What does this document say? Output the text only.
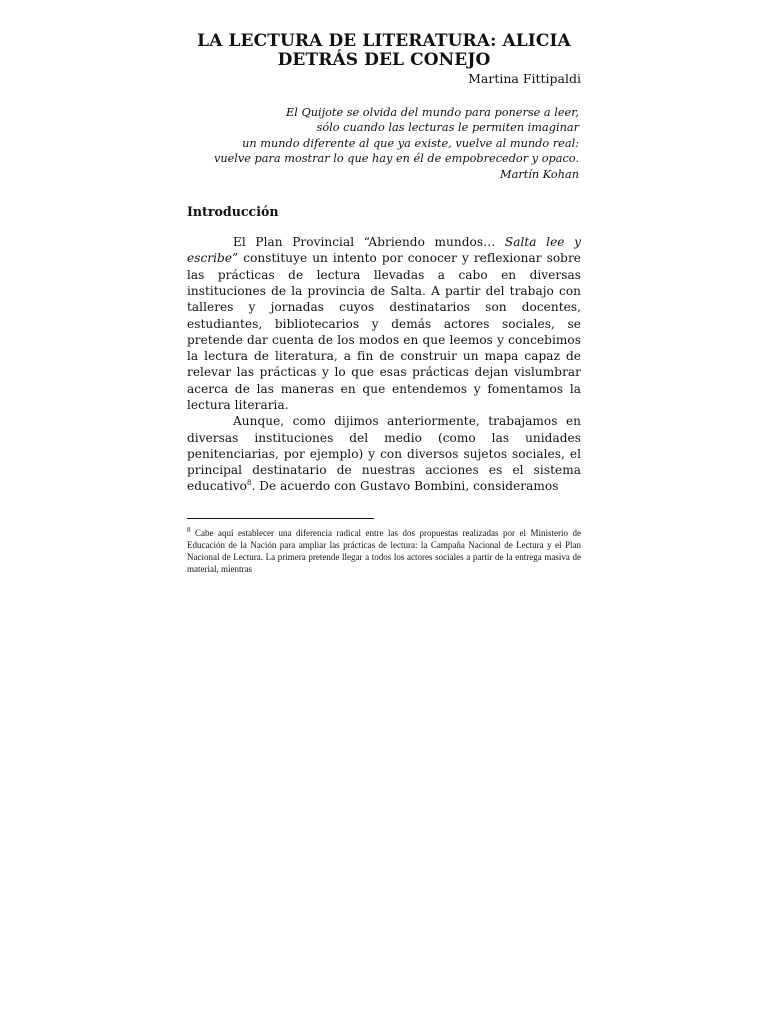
LA LECTURA DE LITERATURA: ALICIA
DETRÁS DEL CONEJO
Martina Fittipaldi
El Quijote se olvida del mundo para ponerse a leer,
sólo cuando las lecturas le permiten imaginar
un mundo diferente al que ya existe, vuelve al mundo real:
vuelve para mostrar lo que hay en él de empobrecedor y opaco.
Martín Kohan
Introducción

El Plan Provincial “Abriendo mundos… Salta lee y escribe” constituye un intento por conocer y reflexionar sobre las prácticas de lectura llevadas a cabo en diversas instituciones de la provincia de Salta. A partir del trabajo con talleres y jornadas cuyos destinatarios son docentes, estudiantes, bibliotecarios y demás actores sociales, se pretende dar cuenta de los modos en que leemos y concebimos la lectura de literatura, a fin de construir un mapa capaz de relevar las prácticas y lo que esas prácticas dejan vislumbrar acerca de las maneras en que entendemos y fomentamos la lectura literaria.

Aunque, como dijimos anteriormente, trabajamos en diversas instituciones del medio (como las unidades penitenciarias, por ejemplo) y con diversos sujetos sociales, el principal destinatario de nuestras acciones es el sistema educativo$^8$. De acuerdo con Gustavo Bombini, consideramos

$^8$ Cabe aquí establecer una diferencia radical entre las dos propuestas realizadas por el Ministerio de Educación de la Nación para ampliar las prácticas de lectura: la Campaña Nacional de Lectura y el Plan Nacional de Lectura. La primera pretende llegar a todos los actores sociales a partir de la entrega masiva de material, mientras
